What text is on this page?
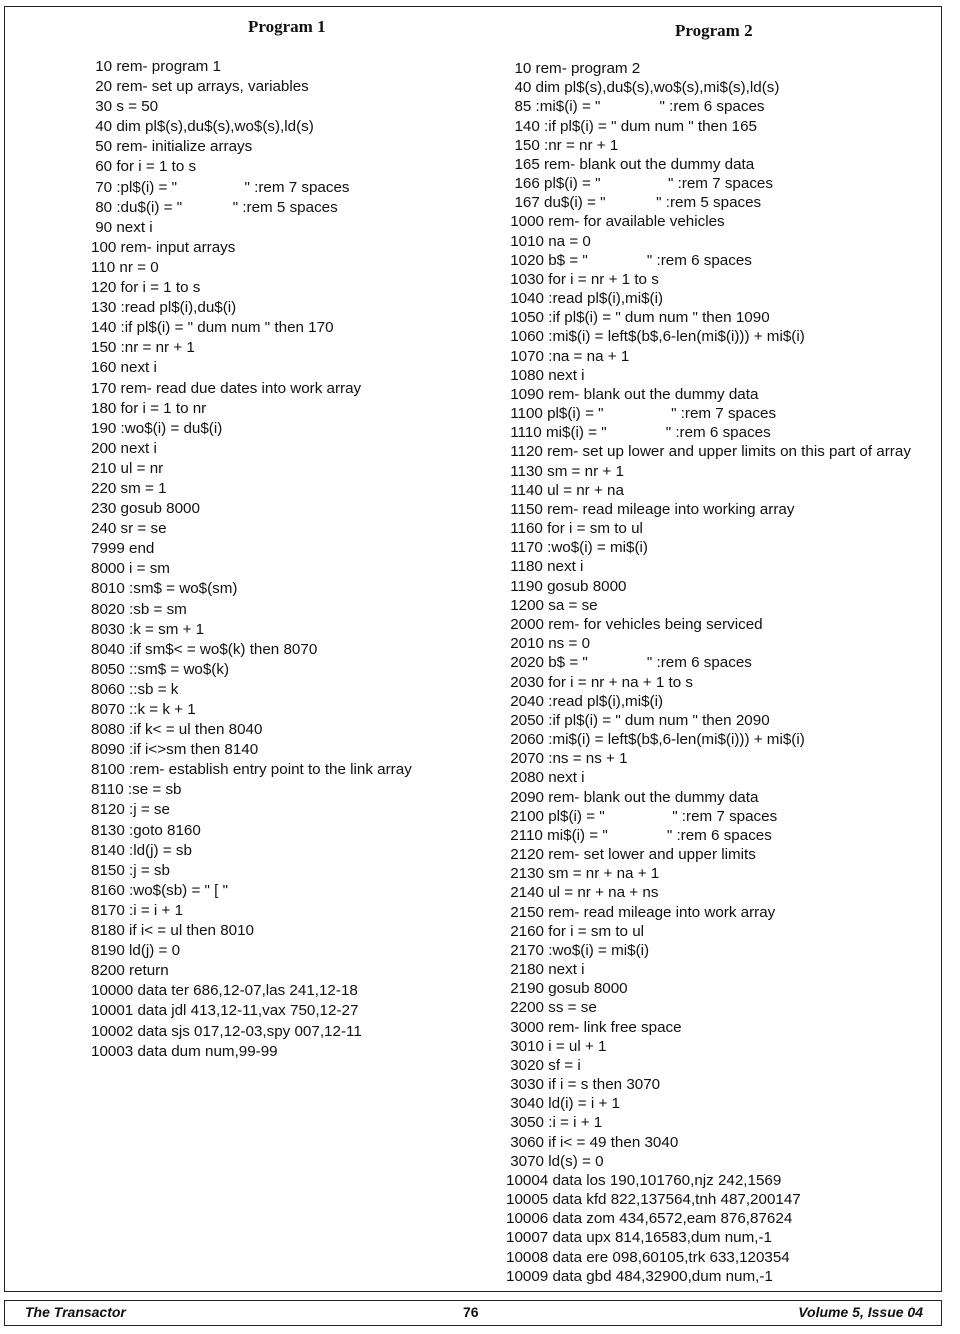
Program 1	Program 2
10 rem- program 1
20 rem- set up arrays, variables
30 s = 50
40 dim pl$(s),du$(s),wo$(s),ld(s)
50 rem- initialize arrays
60 for i = 1 to s
70 :pl$(i) = "                " :rem 7 spaces
80 :du$(i) = "            " :rem 5 spaces
90 next i
100 rem- input arrays
110 nr = 0
120 for i = 1 to s
130 :read pl$(i),du$(i)
140 :if pl$(i) = " dum num " then 170
150 :nr = nr + 1
160 next i
170 rem- read due dates into work array
180 for i = 1 to nr
190 :wo$(i) = du$(i)
200 next i
210 ul = nr
220 sm = 1
230 gosub 8000
240 sr = se
7999 end
8000 i = sm
8010 :sm$ = wo$(sm)
8020 :sb = sm
8030 :k = sm + 1
8040 :if sm$< = wo$(k) then 8070
8050 ::sm$ = wo$(k)
8060 ::sb = k
8070 ::k = k + 1
8080 :if k< = ul then 8040
8090 :if i<>sm then 8140
8100 :rem- establish entry point to the link array
8110 :se = sb
8120 :j = se
8130 :goto 8160
8140 :ld(j) = sb
8150 :j = sb
8160 :wo$(sb) = " [ "
8170 :i = i + 1
8180 if i< = ul then 8010
8190 ld(j) = 0
8200 return
10000 data ter 686,12-07,las 241,12-18
10001 data jdl 413,12-11,vax 750,12-27
10002 data sjs 017,12-03,spy 007,12-11
10003 data dum num,99-99
10 rem- program 2
40 dim pl$(s),du$(s),wo$(s),mi$(s),ld(s)
85 :mi$(i) = "              " :rem 6 spaces
140 :if pl$(i) = " dum num " then 165
150 :nr = nr + 1
165 rem- blank out the dummy data
166 pl$(i) = "                " :rem 7 spaces
167 du$(i) = "            " :rem 5 spaces
1000 rem- for available vehicles
1010 na = 0
1020 b$ = "              " :rem 6 spaces
1030 for i = nr + 1 to s
1040 :read pl$(i),mi$(i)
1050 :if pl$(i) = " dum num " then 1090
1060 :mi$(i) = left$(b$,6-len(mi$(i))) + mi$(i)
1070 :na = na + 1
1080 next i
1090 rem- blank out the dummy data
1100 pl$(i) = "                " :rem 7 spaces
1110 mi$(i) = "              " :rem 6 spaces
1120 rem- set up lower and upper limits on this part of array
1130 sm = nr + 1
1140 ul = nr + na
1150 rem- read mileage into working array
1160 for i = sm to ul
1170 :wo$(i) = mi$(i)
1180 next i
1190 gosub 8000
1200 sa = se
2000 rem- for vehicles being serviced
2010 ns = 0
2020 b$ = "              " :rem 6 spaces
2030 for i = nr + na + 1 to s
2040 :read pl$(i),mi$(i)
2050 :if pl$(i) = " dum num " then 2090
2060 :mi$(i) = left$(b$,6-len(mi$(i))) + mi$(i)
2070 :ns = ns + 1
2080 next i
2090 rem- blank out the dummy data
2100 pl$(i) = "                " :rem 7 spaces
2110 mi$(i) = "              " :rem 6 spaces
2120 rem- set lower and upper limits
2130 sm = nr + na + 1
2140 ul = nr + na + ns
2150 rem- read mileage into work array
2160 for i = sm to ul
2170 :wo$(i) = mi$(i)
2180 next i
2190 gosub 8000
2200 ss = se
3000 rem- link free space
3010 i = ul + 1
3020 sf = i
3030 if i = s then 3070
3040 ld(i) = i + 1
3050 :i = i + 1
3060 if i< = 49 then 3040
3070 ld(s) = 0
10004 data los 190,101760,njz 242,1569
10005 data kfd 822,137564,tnh 487,200147
10006 data zom 434,6572,eam 876,87624
10007 data upx 814,16583,dum num,-1
10008 data ere 098,60105,trk 633,120354
10009 data gbd 484,32900,dum num,-1
The Transactor	76	Volume 5, Issue 04
